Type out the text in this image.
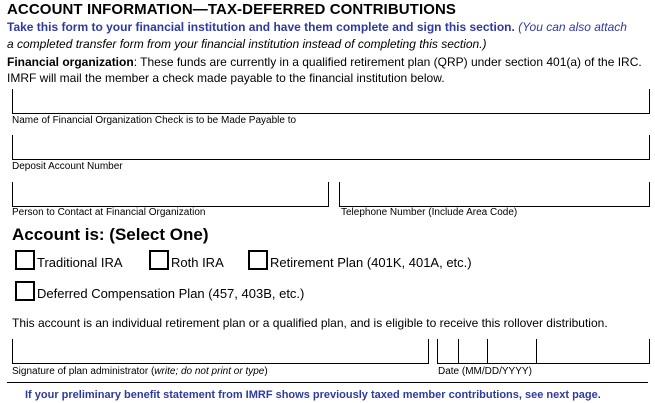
ACCOUNT INFORMATION—TAX-DEFERRED CONTRIBUTIONS
Take this form to your financial institution and have them complete and sign this section. (You can also attach
a completed transfer form from your financial institution instead of completing this section.)
Financial organization: These funds are currently in a qualified retirement plan (QRP) under section 401(a) of the IRC. IMRF will mail the member a check made payable to the financial institution below.
Name of Financial Organization Check is to be Made Payable to
Deposit Account Number
Person to Contact at Financial Organization	Telephone Number (Include Area Code)
Account is: (Select One)
Traditional IRA	Roth IRA	Retirement Plan (401K, 401A, etc.)
Deferred Compensation Plan (457, 403B, etc.)
This account is an individual retirement plan or a qualified plan, and is eligible to receive this rollover distribution.
Signature of plan administrator (write; do not print or type)	Date (MM/DD/YYYY)
If your preliminary benefit statement from IMRF shows previously taxed member contributions, see next page.
